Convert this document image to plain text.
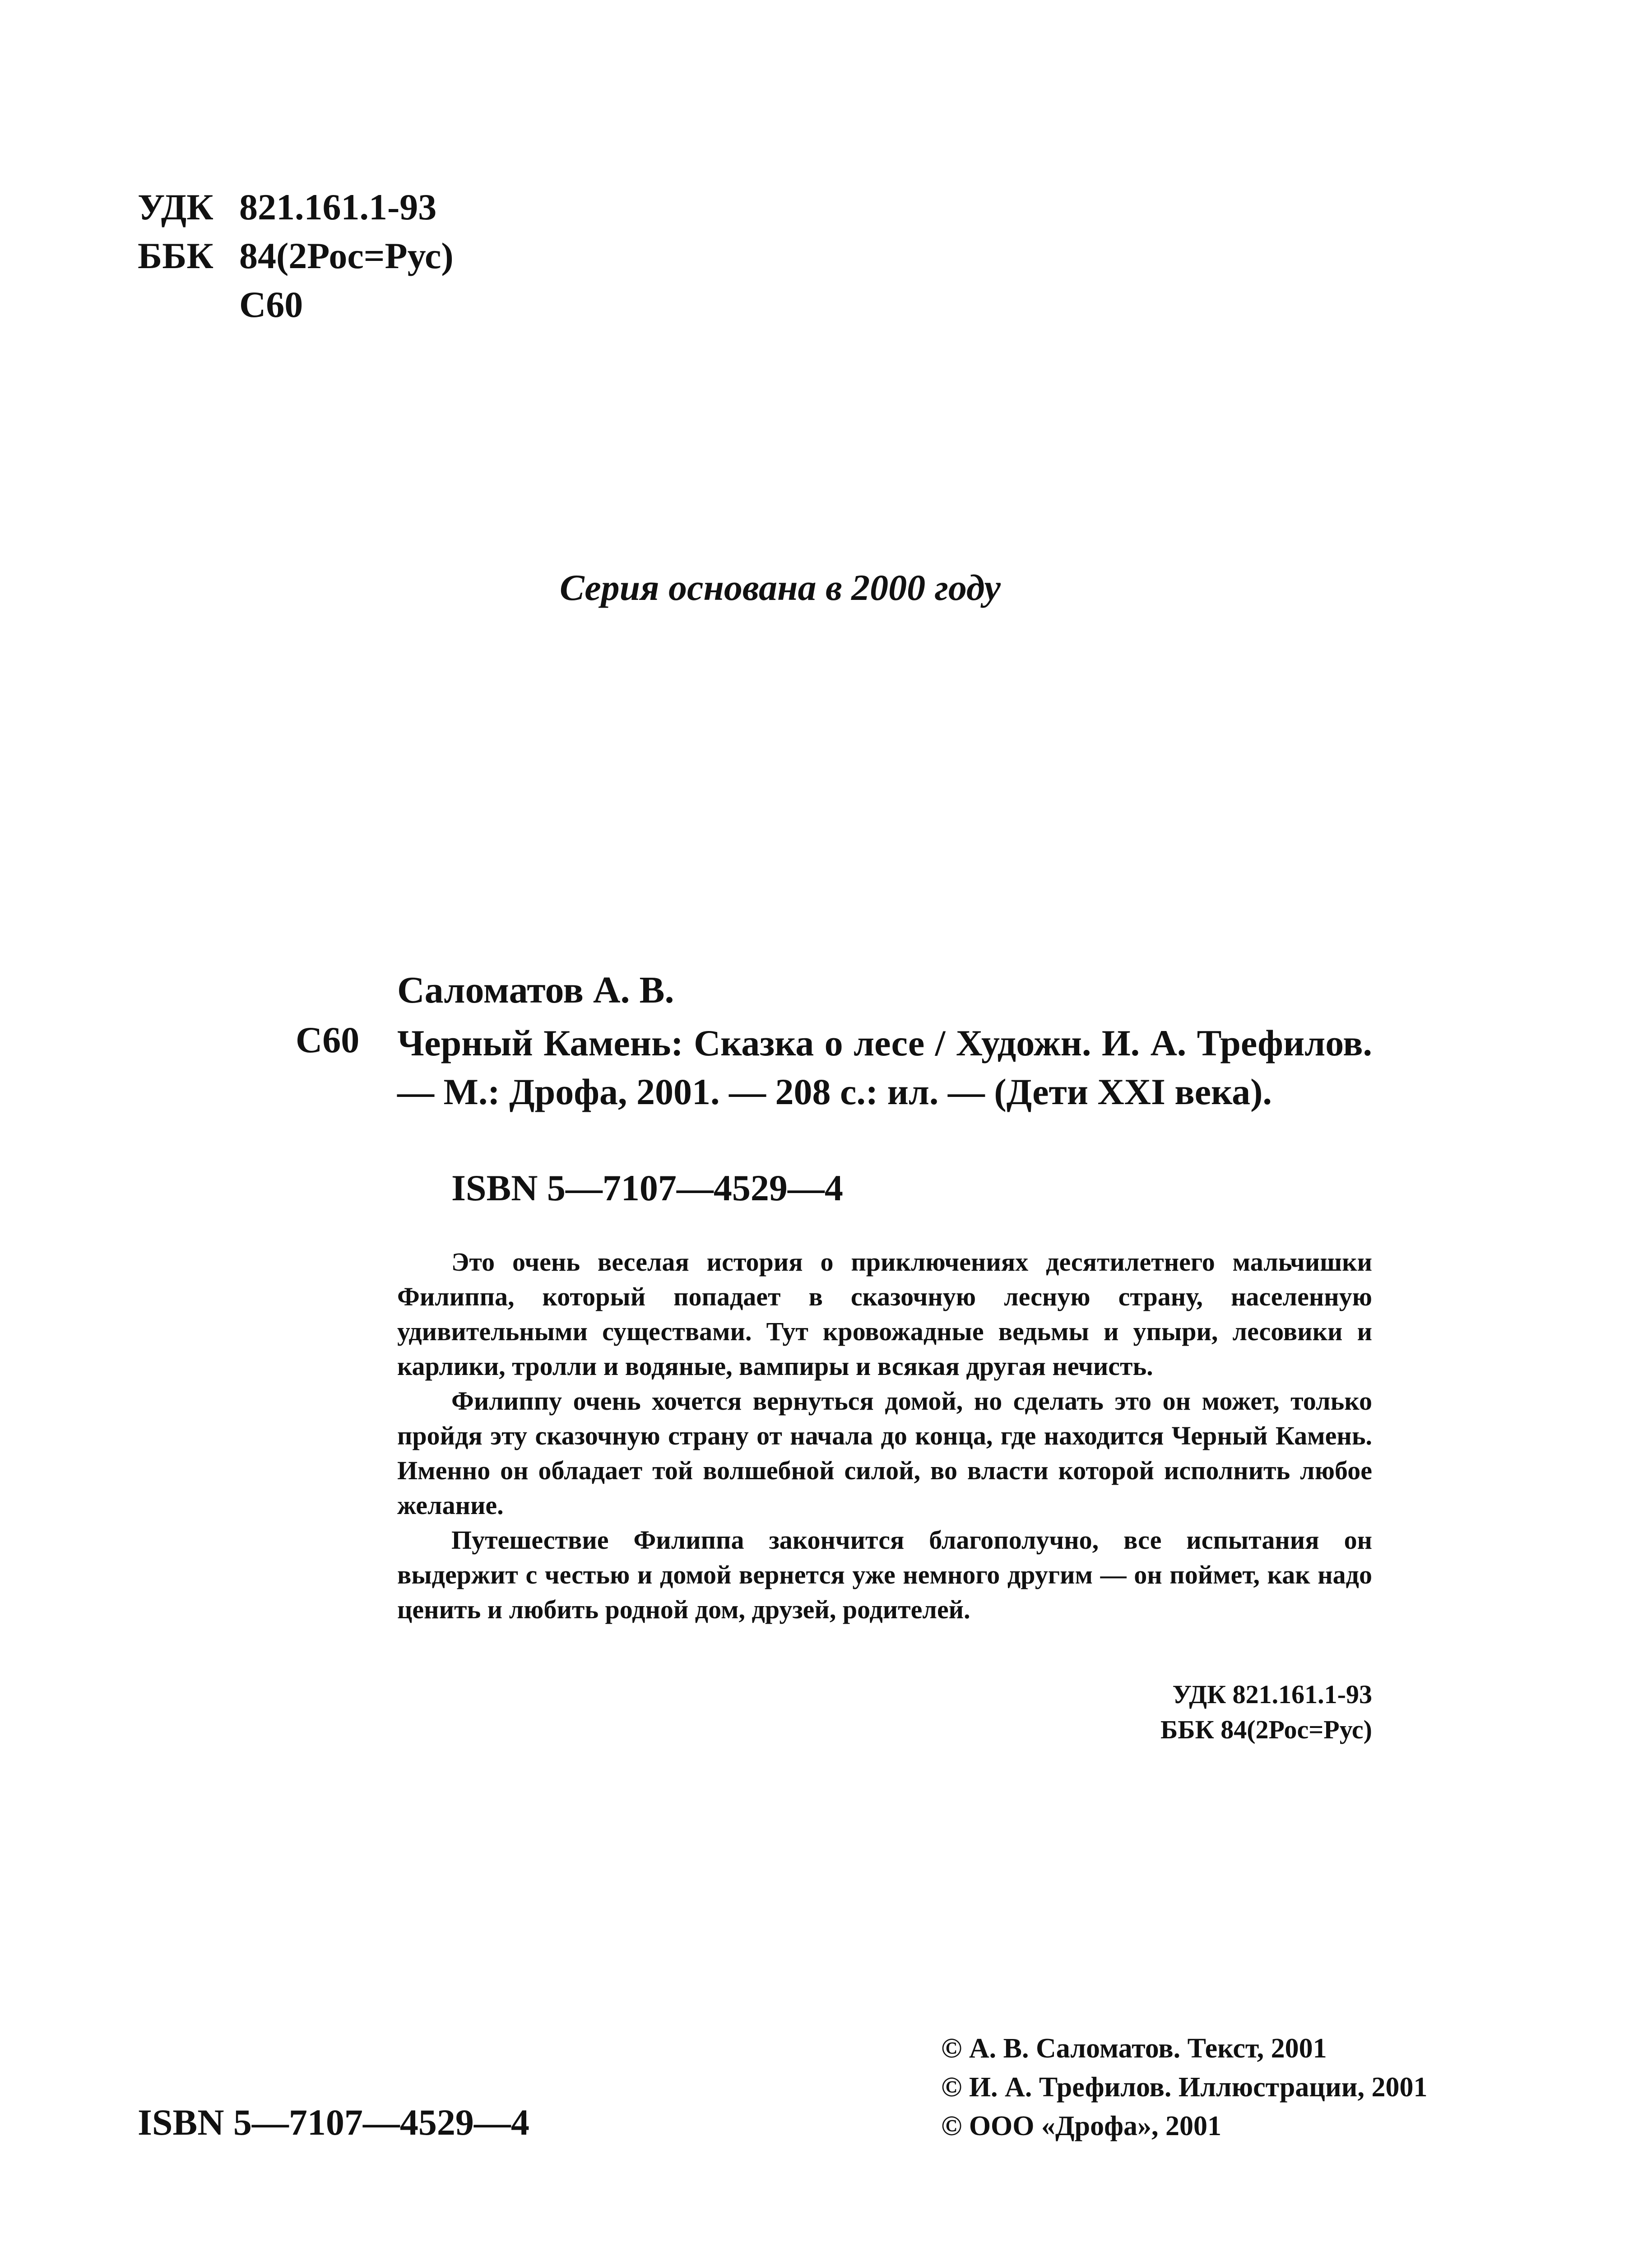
УДК 821.161.1-93
ББК 84(2Рос=Рус)
С60
Серия основана в 2000 году
Саломатов А. В.
С60 Черный Камень: Сказка о лесе / Художн. И. А. Трефилов. — М.: Дрофа, 2001. — 208 с.: ил. — (Дети XXI века).
ISBN 5—7107—4529—4

Это очень веселая история о приключениях десятилетнего мальчишки Филиппа, который попадает в сказочную лесную страну, населенную удивительными существами. Тут кровожадные ведьмы и упыри, лесовики и карлики, тролли и водяные, вампиры и всякая другая нечисть.

Филиппу очень хочется вернуться домой, но сделать это он может, только пройдя эту сказочную страну от начала до конца, где находится Черный Камень. Именно он обладает той волшебной силой, во власти которой исполнить любое желание.

Путешествие Филиппа закончится благополучно, все испытания он выдержит с честью и домой вернется уже немного другим — он поймет, как надо ценить и любить родной дом, друзей, родителей.

УДК 821.161.1-93
ББК 84(2Рос=Рус)
ISBN 5—7107—4529—4
© А. В. Саломатов. Текст, 2001
© И. А. Трефилов. Иллюстрации, 2001
© ООО «Дрофа», 2001
